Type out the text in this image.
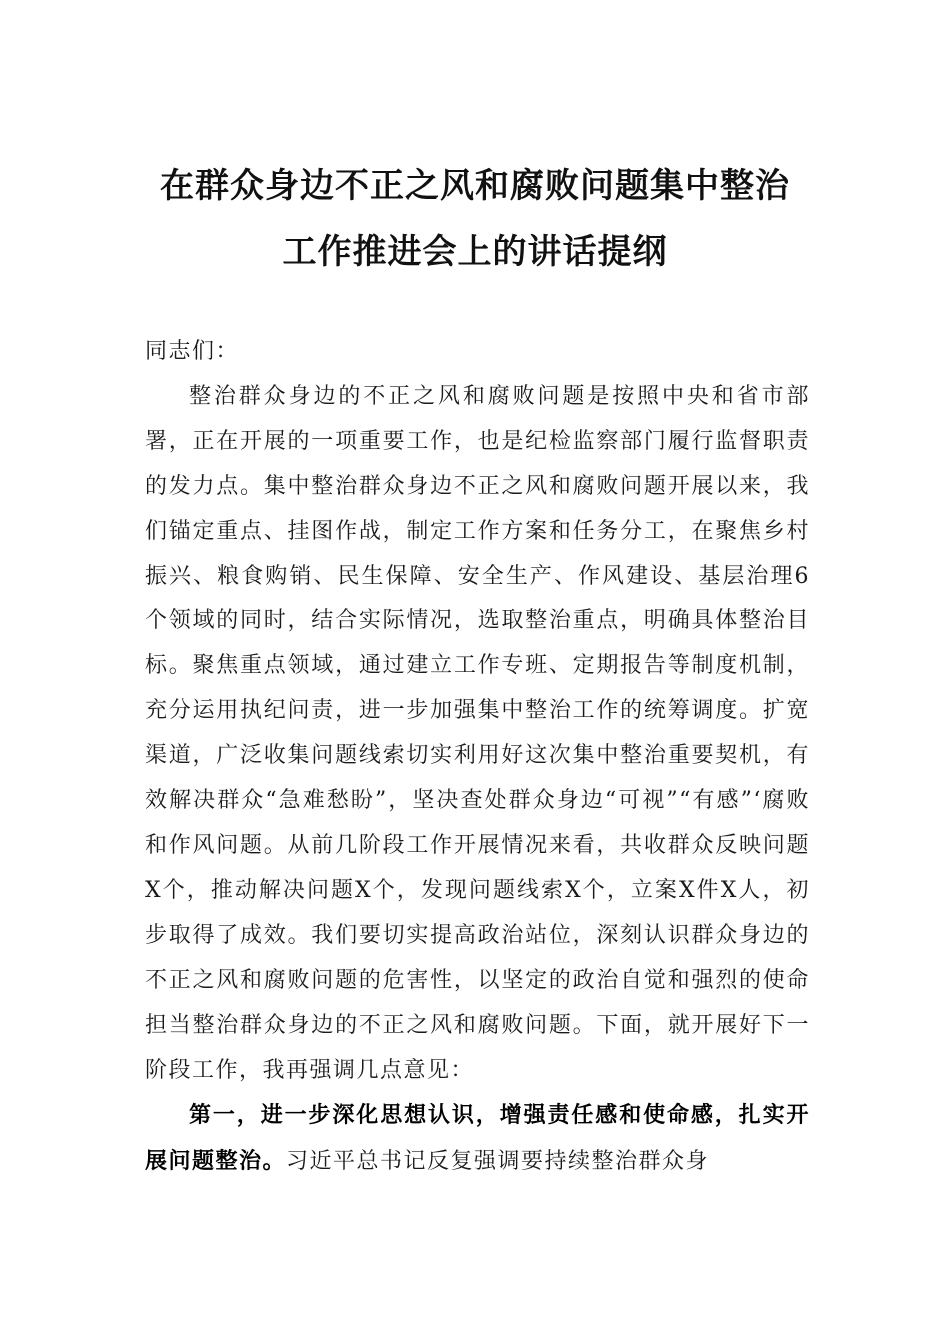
在群众身边不正之风和腐败问题集中整治
工作推进会上的讲话提纲

同志们：

整治群众身边的不正之风和腐败问题是按照中央和省市部署，正在开展的一项重要工作，也是纪检监察部门履行监督职责的发力点。集中整治群众身边不正之风和腐败问题开展以来，我们锚定重点、挂图作战，制定工作方案和任务分工，在聚焦乡村振兴、粮食购销、民生保障、安全生产、作风建设、基层治理6个领域的同时，结合实际情况，选取整治重点，明确具体整治目标。聚焦重点领域，通过建立工作专班、定期报告等制度机制，充分运用执纪问责，进一步加强集中整治工作的统筹调度。扩宽渠道，广泛收集问题线索切实利用好这次集中整治重要契机，有效解决群众“急难愁盼”，坚决查处群众身边“可视”“有感”‘腐败和作风问题。从前几阶段工作开展情况来看，共收群众反映问题X个，推动解决问题X个，发现问题线索X个，立案X件X人，初步取得了成效。我们要切实提高政治站位，深刻认识群众身边的不正之风和腐败问题的危害性，以坚定的政治自觉和强烈的使命担当整治群众身边的不正之风和腐败问题。下面，就开展好下一阶段工作，我再强调几点意见：

第一，进一步深化思想认识，增强责任感和使命感，扎实开展问题整治。习近平总书记反复强调要持续整治群众身
